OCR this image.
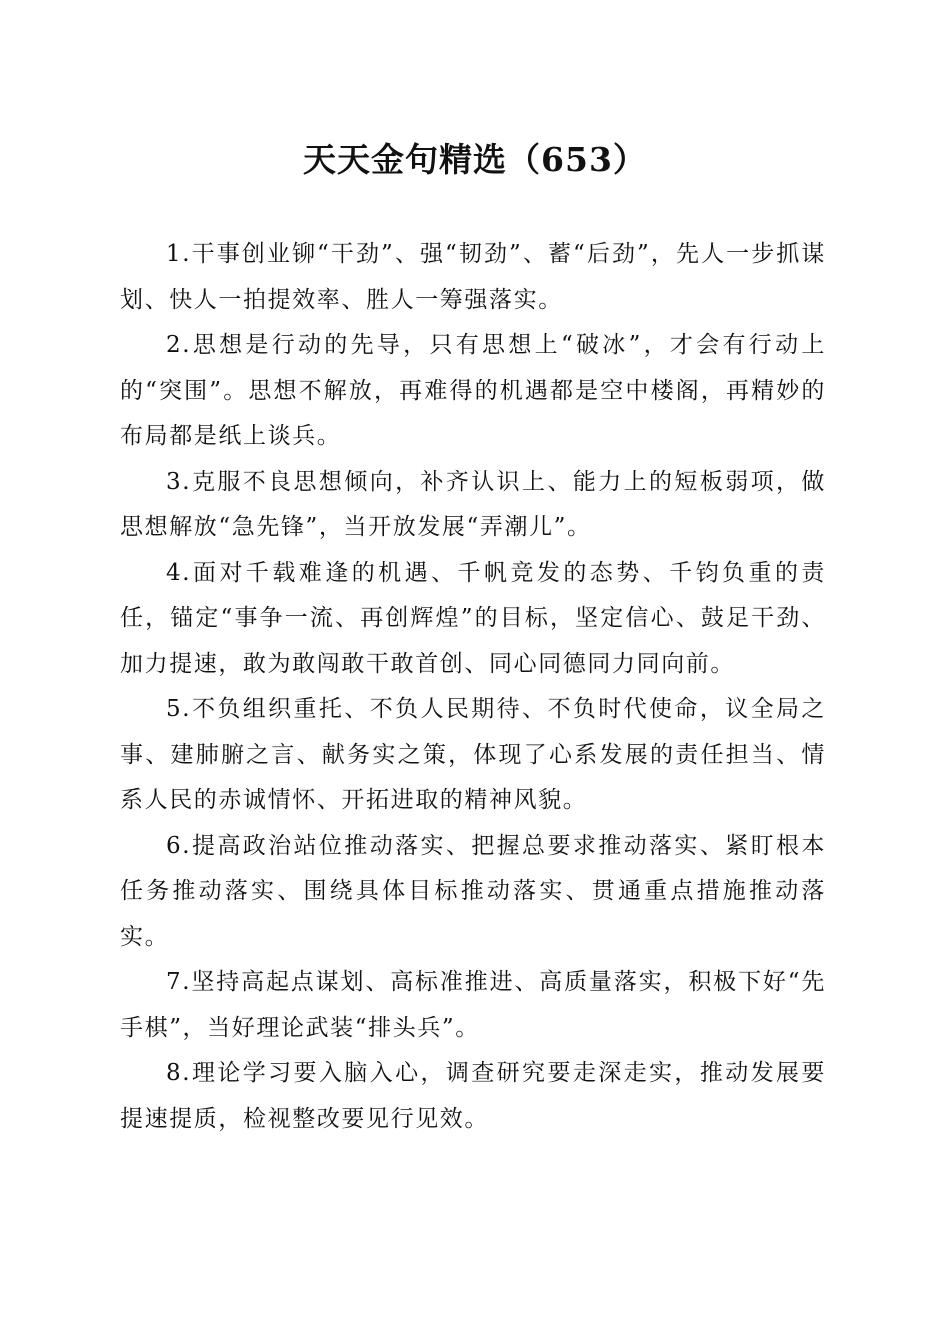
天天金句精选（653）

1.干事创业铆“干劲”、强“韧劲”、蓄“后劲”，先人一步抓谋划、快人一拍提效率、胜人一筹强落实。

2.思想是行动的先导，只有思想上“破冰”，才会有行动上的“突围”。思想不解放，再难得的机遇都是空中楼阁，再精妙的布局都是纸上谈兵。

3.克服不良思想倾向，补齐认识上、能力上的短板弱项，做思想解放“急先锋”，当开放发展“弄潮儿”。

4.面对千载难逢的机遇、千帆竞发的态势、千钧负重的责任，锚定“事争一流、再创辉煌”的目标，坚定信心、鼓足干劲、加力提速，敢为敢闯敢干敢首创、同心同德同力同向前。

5.不负组织重托、不负人民期待、不负时代使命，议全局之事、建肺腑之言、献务实之策，体现了心系发展的责任担当、情系人民的赤诚情怀、开拓进取的精神风貌。

6.提高政治站位推动落实、把握总要求推动落实、紧盯根本任务推动落实、围绕具体目标推动落实、贯通重点措施推动落实。

7.坚持高起点谋划、高标准推进、高质量落实，积极下好“先手棋”，当好理论武装“排头兵”。

8.理论学习要入脑入心，调查研究要走深走实，推动发展要提速提质，检视整改要见行见效。
